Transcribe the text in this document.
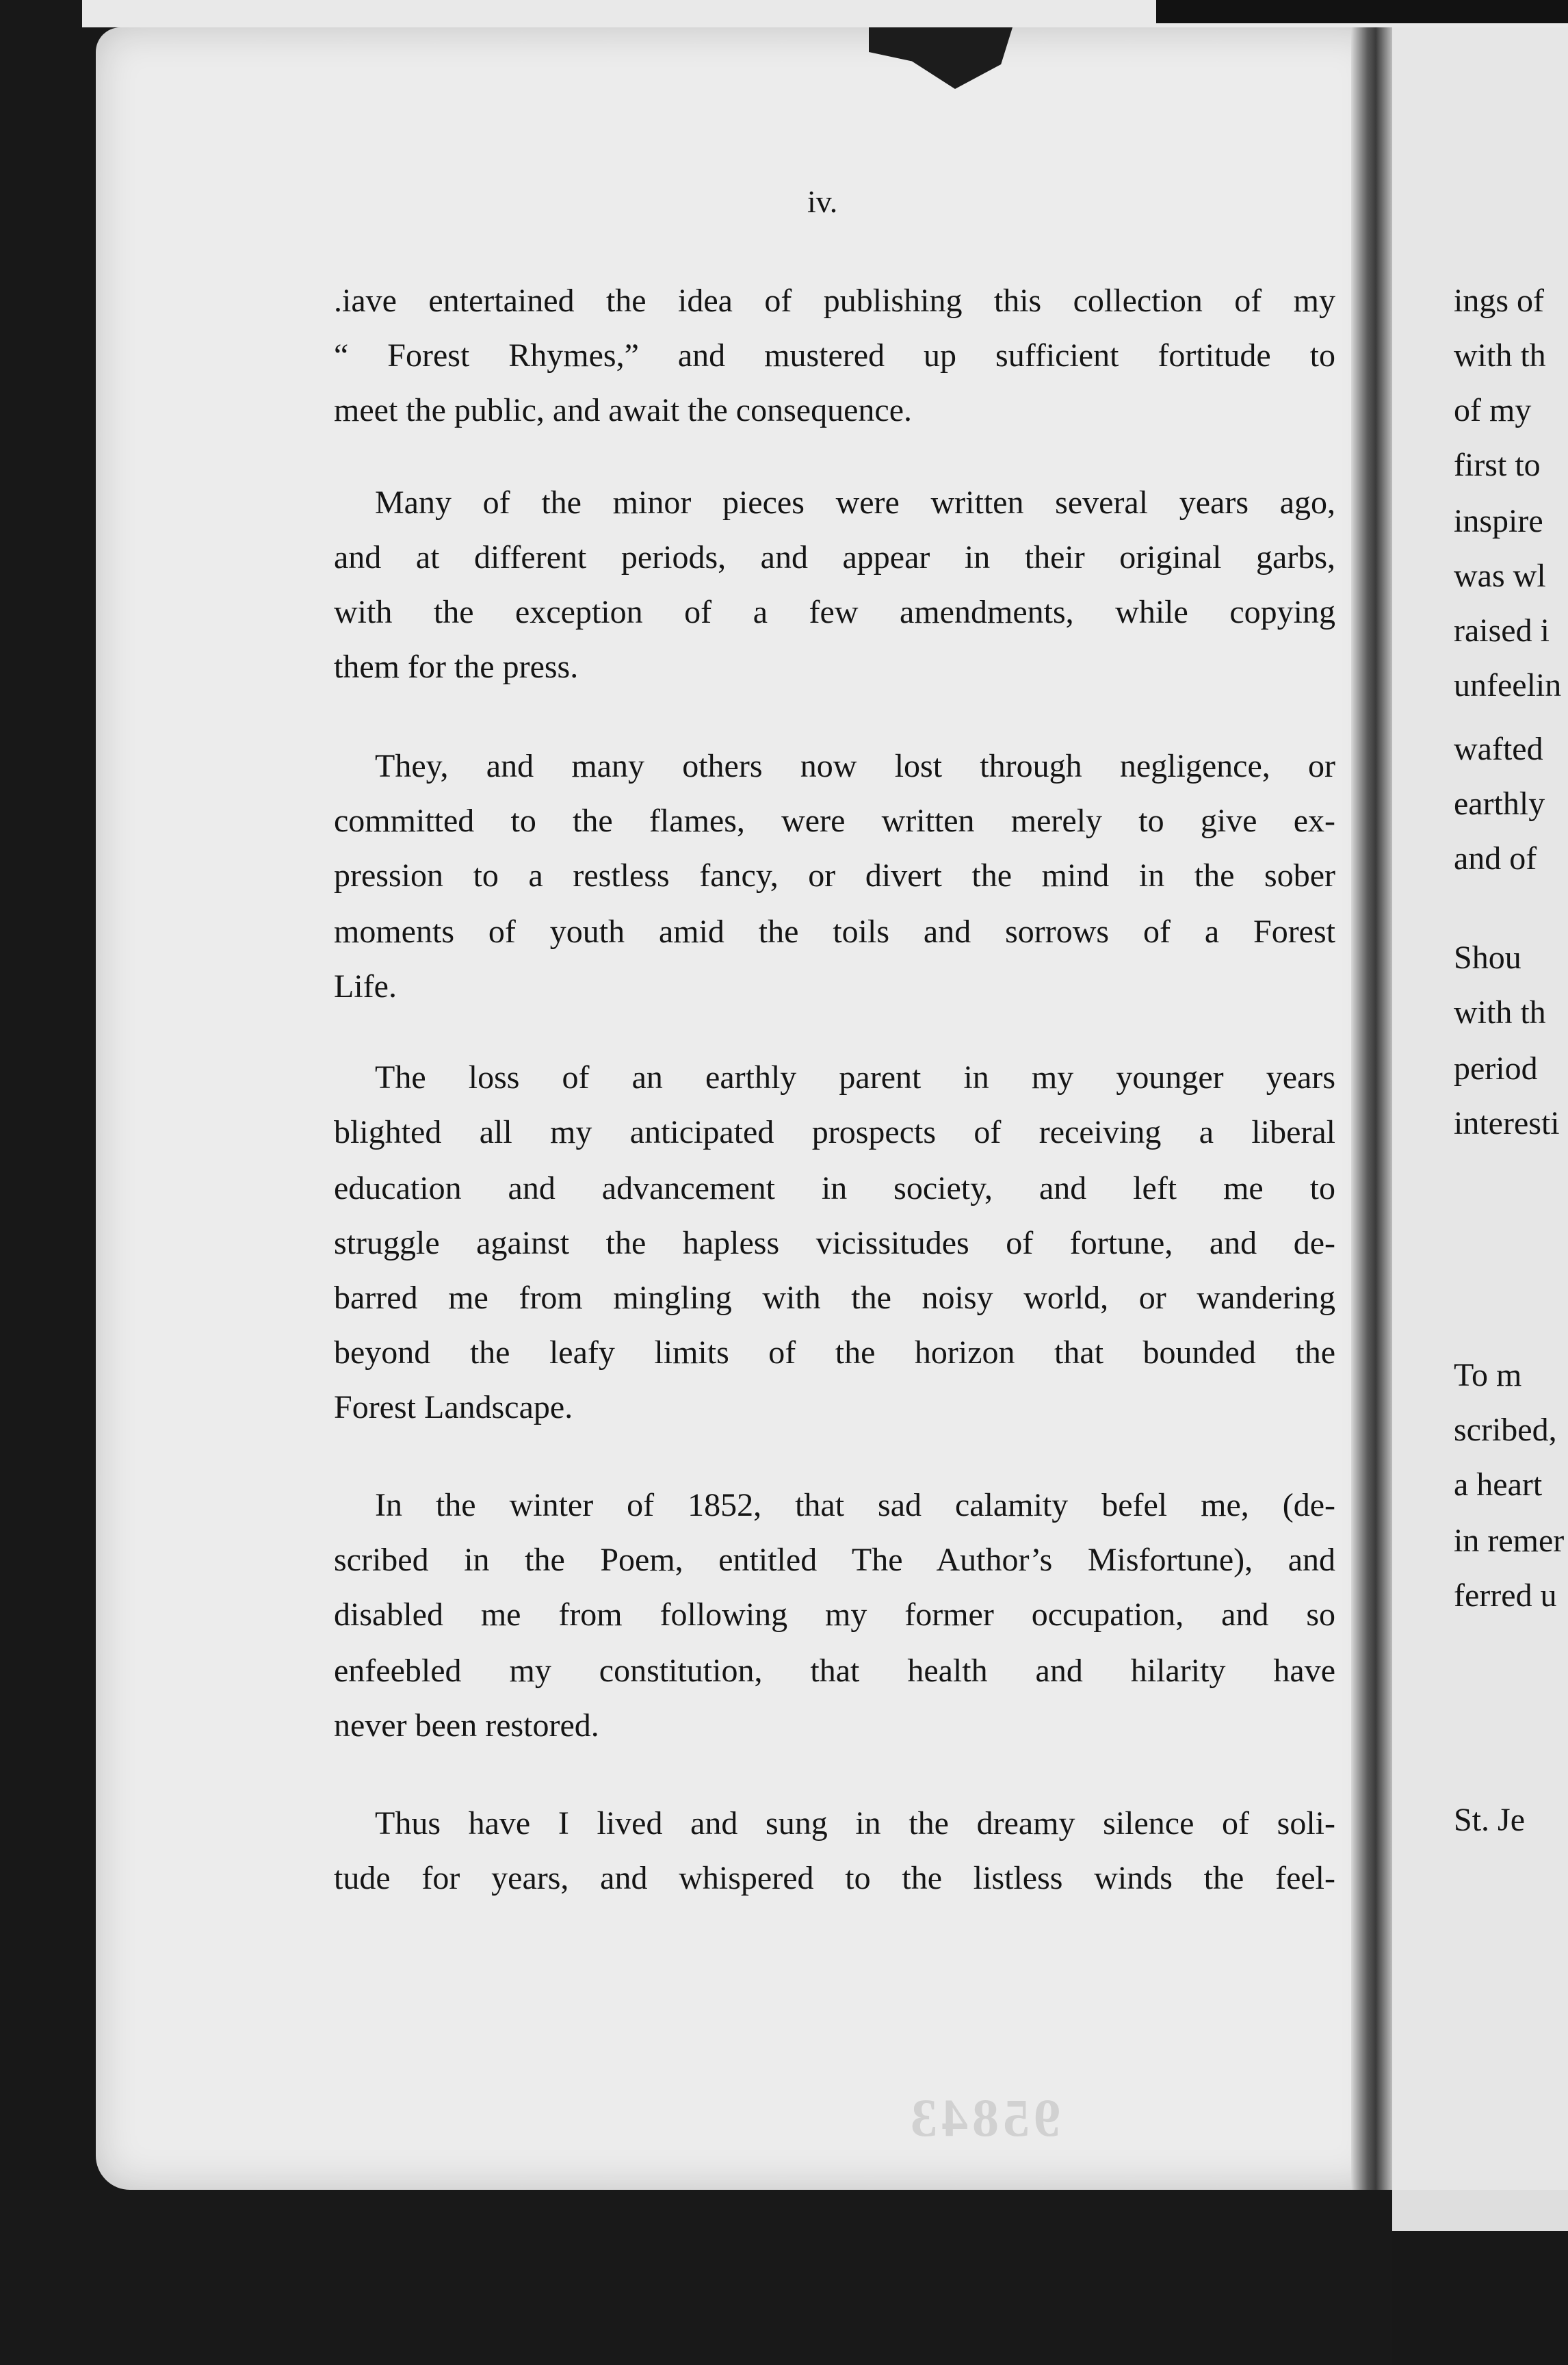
95843
iv.
.iave entertained the idea of publishing this collection of my
“ Forest Rhymes,” and mustered up sufficient fortitude to
meet the public, and await the consequence.
Many of the minor pieces were written several years ago,
and at different periods, and appear in their original garbs,
with the exception of a few amendments, while copying
them for the press.
They, and many others now lost through negligence, or
committed to the flames, were written merely to give ex-
pression to a restless fancy, or divert the mind in the sober
moments of youth amid the toils and sorrows of a Forest
Life.
The loss of an earthly parent in my younger years
blighted all my anticipated prospects of receiving a liberal
education and advancement in society, and left me to
struggle against the hapless vicissitudes of fortune, and de-
barred me from mingling with the noisy world, or wandering
beyond the leafy limits of the horizon that bounded the
Forest Landscape.
In the winter of 1852, that sad calamity befel me, (de-
scribed in the Poem, entitled The Author’s Misfortune), and
disabled me from following my former occupation, and so
enfeebled my constitution, that health and hilarity have
never been restored.
Thus have I lived and sung in the dreamy silence of soli-
tude for years, and whispered to the listless winds the feel-
ings of
with th
of my
first to
inspire
was wl
raised i
unfeelin
wafted
earthly
and of
Shou
with th
period
interesti
To m
scribed,
a heart
in remer
ferred u
St. Je
